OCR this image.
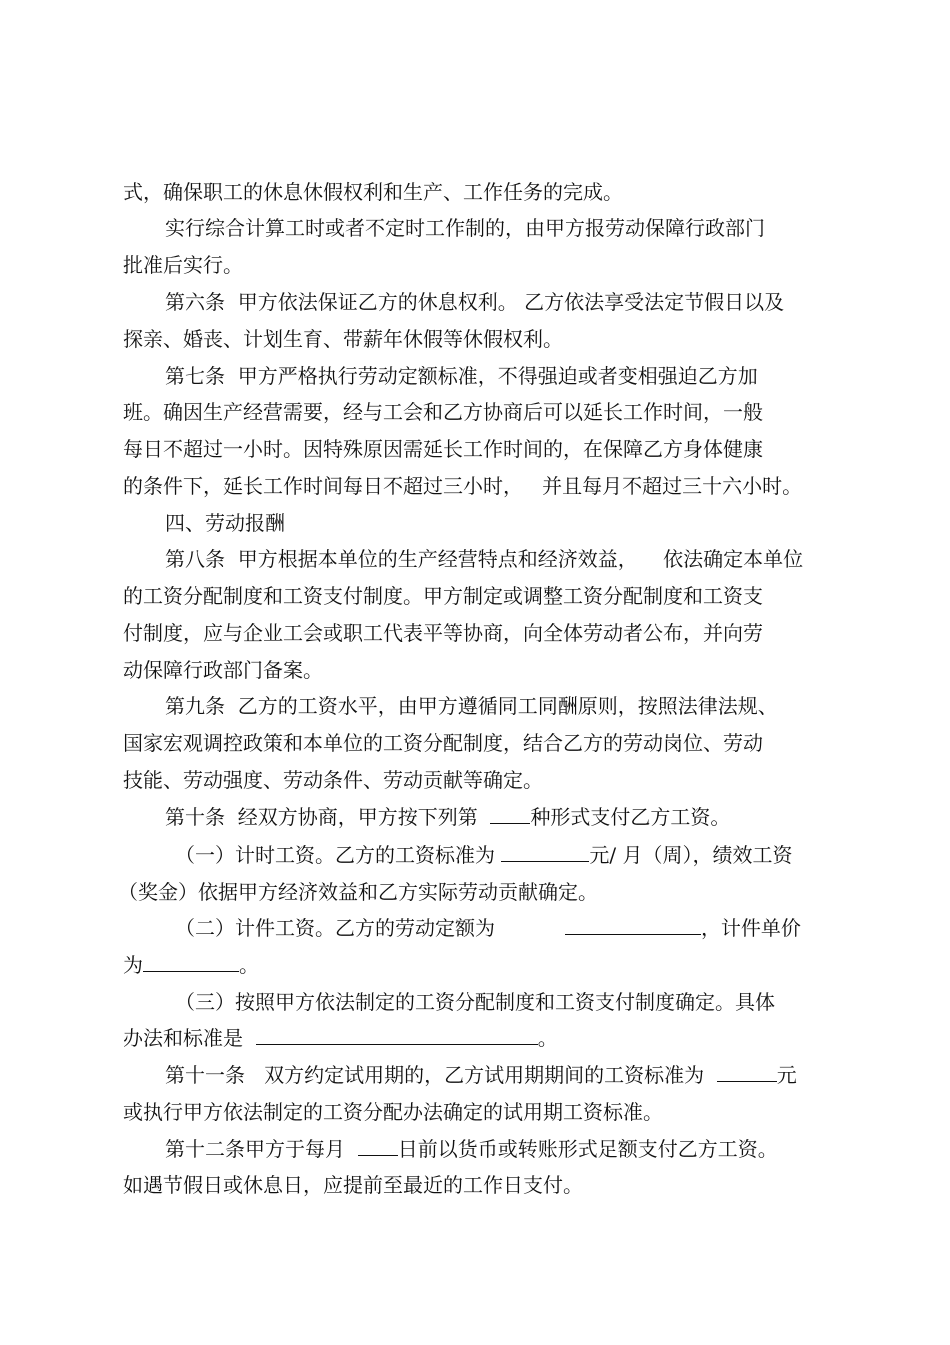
式，确保职工的休息休假权利和生产、工作任务的完成。
实行综合计算工时或者不定时工作制的，由甲方报劳动保障行政部门
批准后实行。
第六条  甲方依法保证乙方的休息权利。 乙方依法享受法定节假日以及
探亲、婚丧、计划生育、带薪年休假等休假权利。
第七条  甲方严格执行劳动定额标准，不得强迫或者变相强迫乙方加
班。确因生产经营需要，经与工会和乙方协商后可以延长工作时间，一般
每日不超过一小时。因特殊原因需延长工作时间的，在保障乙方身体健康
的条件下，延长工作时间每日不超过三小时，   并且每月不超过三十六小时。
四、劳动报酬
第八条  甲方根据本单位的生产经营特点和经济效益，    依法确定本单位
的工资分配制度和工资支付制度。甲方制定或调整工资分配制度和工资支
付制度，应与企业工会或职工代表平等协商，向全体劳动者公布，并向劳
动保障行政部门备案。
第九条  乙方的工资水平，由甲方遵循同工同酬原则，按照法律法规、
国家宏观调控政策和本单位的工资分配制度，结合乙方的劳动岗位、劳动
技能、劳动强度、劳动条件、劳动贡献等确定。
第十条  经双方协商，甲方按下列第  种形式支付乙方工资。
（一）计时工资。乙方的工资标准为	元/ 月（周），绩效工资
（奖金）依据甲方经济效益和乙方实际劳动贡献确定。
（二）计件工资。乙方的劳动定额为	，计件单价
为	。
（三）按照甲方依法制定的工资分配制度和工资支付制度确定。具体
办法和标准是	。
第十一条   双方约定试用期的，乙方试用期期间的工资标准为	元
或执行甲方依法制定的工资分配办法确定的试用期工资标准。
第十二条甲方于每月  日前以货币或转账形式足额支付乙方工资。
如遇节假日或休息日，应提前至最近的工作日支付。
